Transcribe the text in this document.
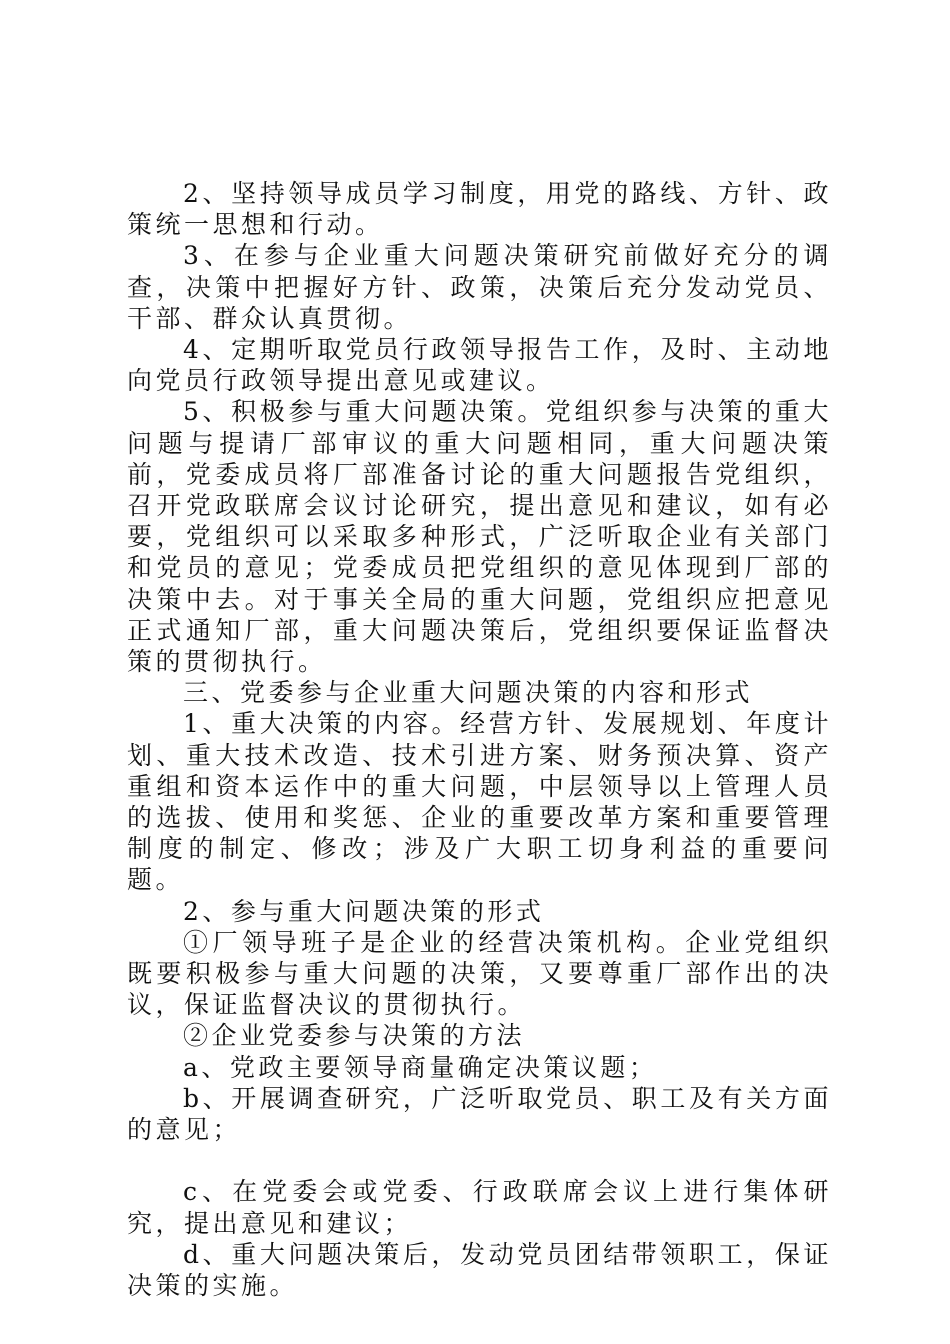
2、坚持领导成员学习制度，用党的路线、方针、政策统一思想和行动。

3、在参与企业重大问题决策研究前做好充分的调查，决策中把握好方针、政策，决策后充分发动党员、干部、群众认真贯彻。

4、定期听取党员行政领导报告工作，及时、主动地向党员行政领导提出意见或建议。

5、积极参与重大问题决策。党组织参与决策的重大问题与提请厂部审议的重大问题相同，重大问题决策前，党委成员将厂部准备讨论的重大问题报告党组织，召开党政联席会议讨论研究，提出意见和建议，如有必要，党组织可以采取多种形式，广泛听取企业有关部门和党员的意见；党委成员把党组织的意见体现到厂部的决策中去。对于事关全局的重大问题，党组织应把意见正式通知厂部，重大问题决策后，党组织要保证监督决策的贯彻执行。

三、党委参与企业重大问题决策的内容和形式

1、重大决策的内容。经营方针、发展规划、年度计划、重大技术改造、技术引进方案、财务预决算、资产重组和资本运作中的重大问题，中层领导以上管理人员的选拔、使用和奖惩、企业的重要改革方案和重要管理制度的制定、修改；涉及广大职工切身利益的重要问题。

2、参与重大问题决策的形式

①厂领导班子是企业的经营决策机构。企业党组织既要积极参与重大问题的决策，又要尊重厂部作出的决议，保证监督决议的贯彻执行。

②企业党委参与决策的方法

a、党政主要领导商量确定决策议题；

b、开展调查研究，广泛听取党员、职工及有关方面的意见；

c、在党委会或党委、行政联席会议上进行集体研究，提出意见和建议；

d、重大问题决策后，发动党员团结带领职工，保证决策的实施。
